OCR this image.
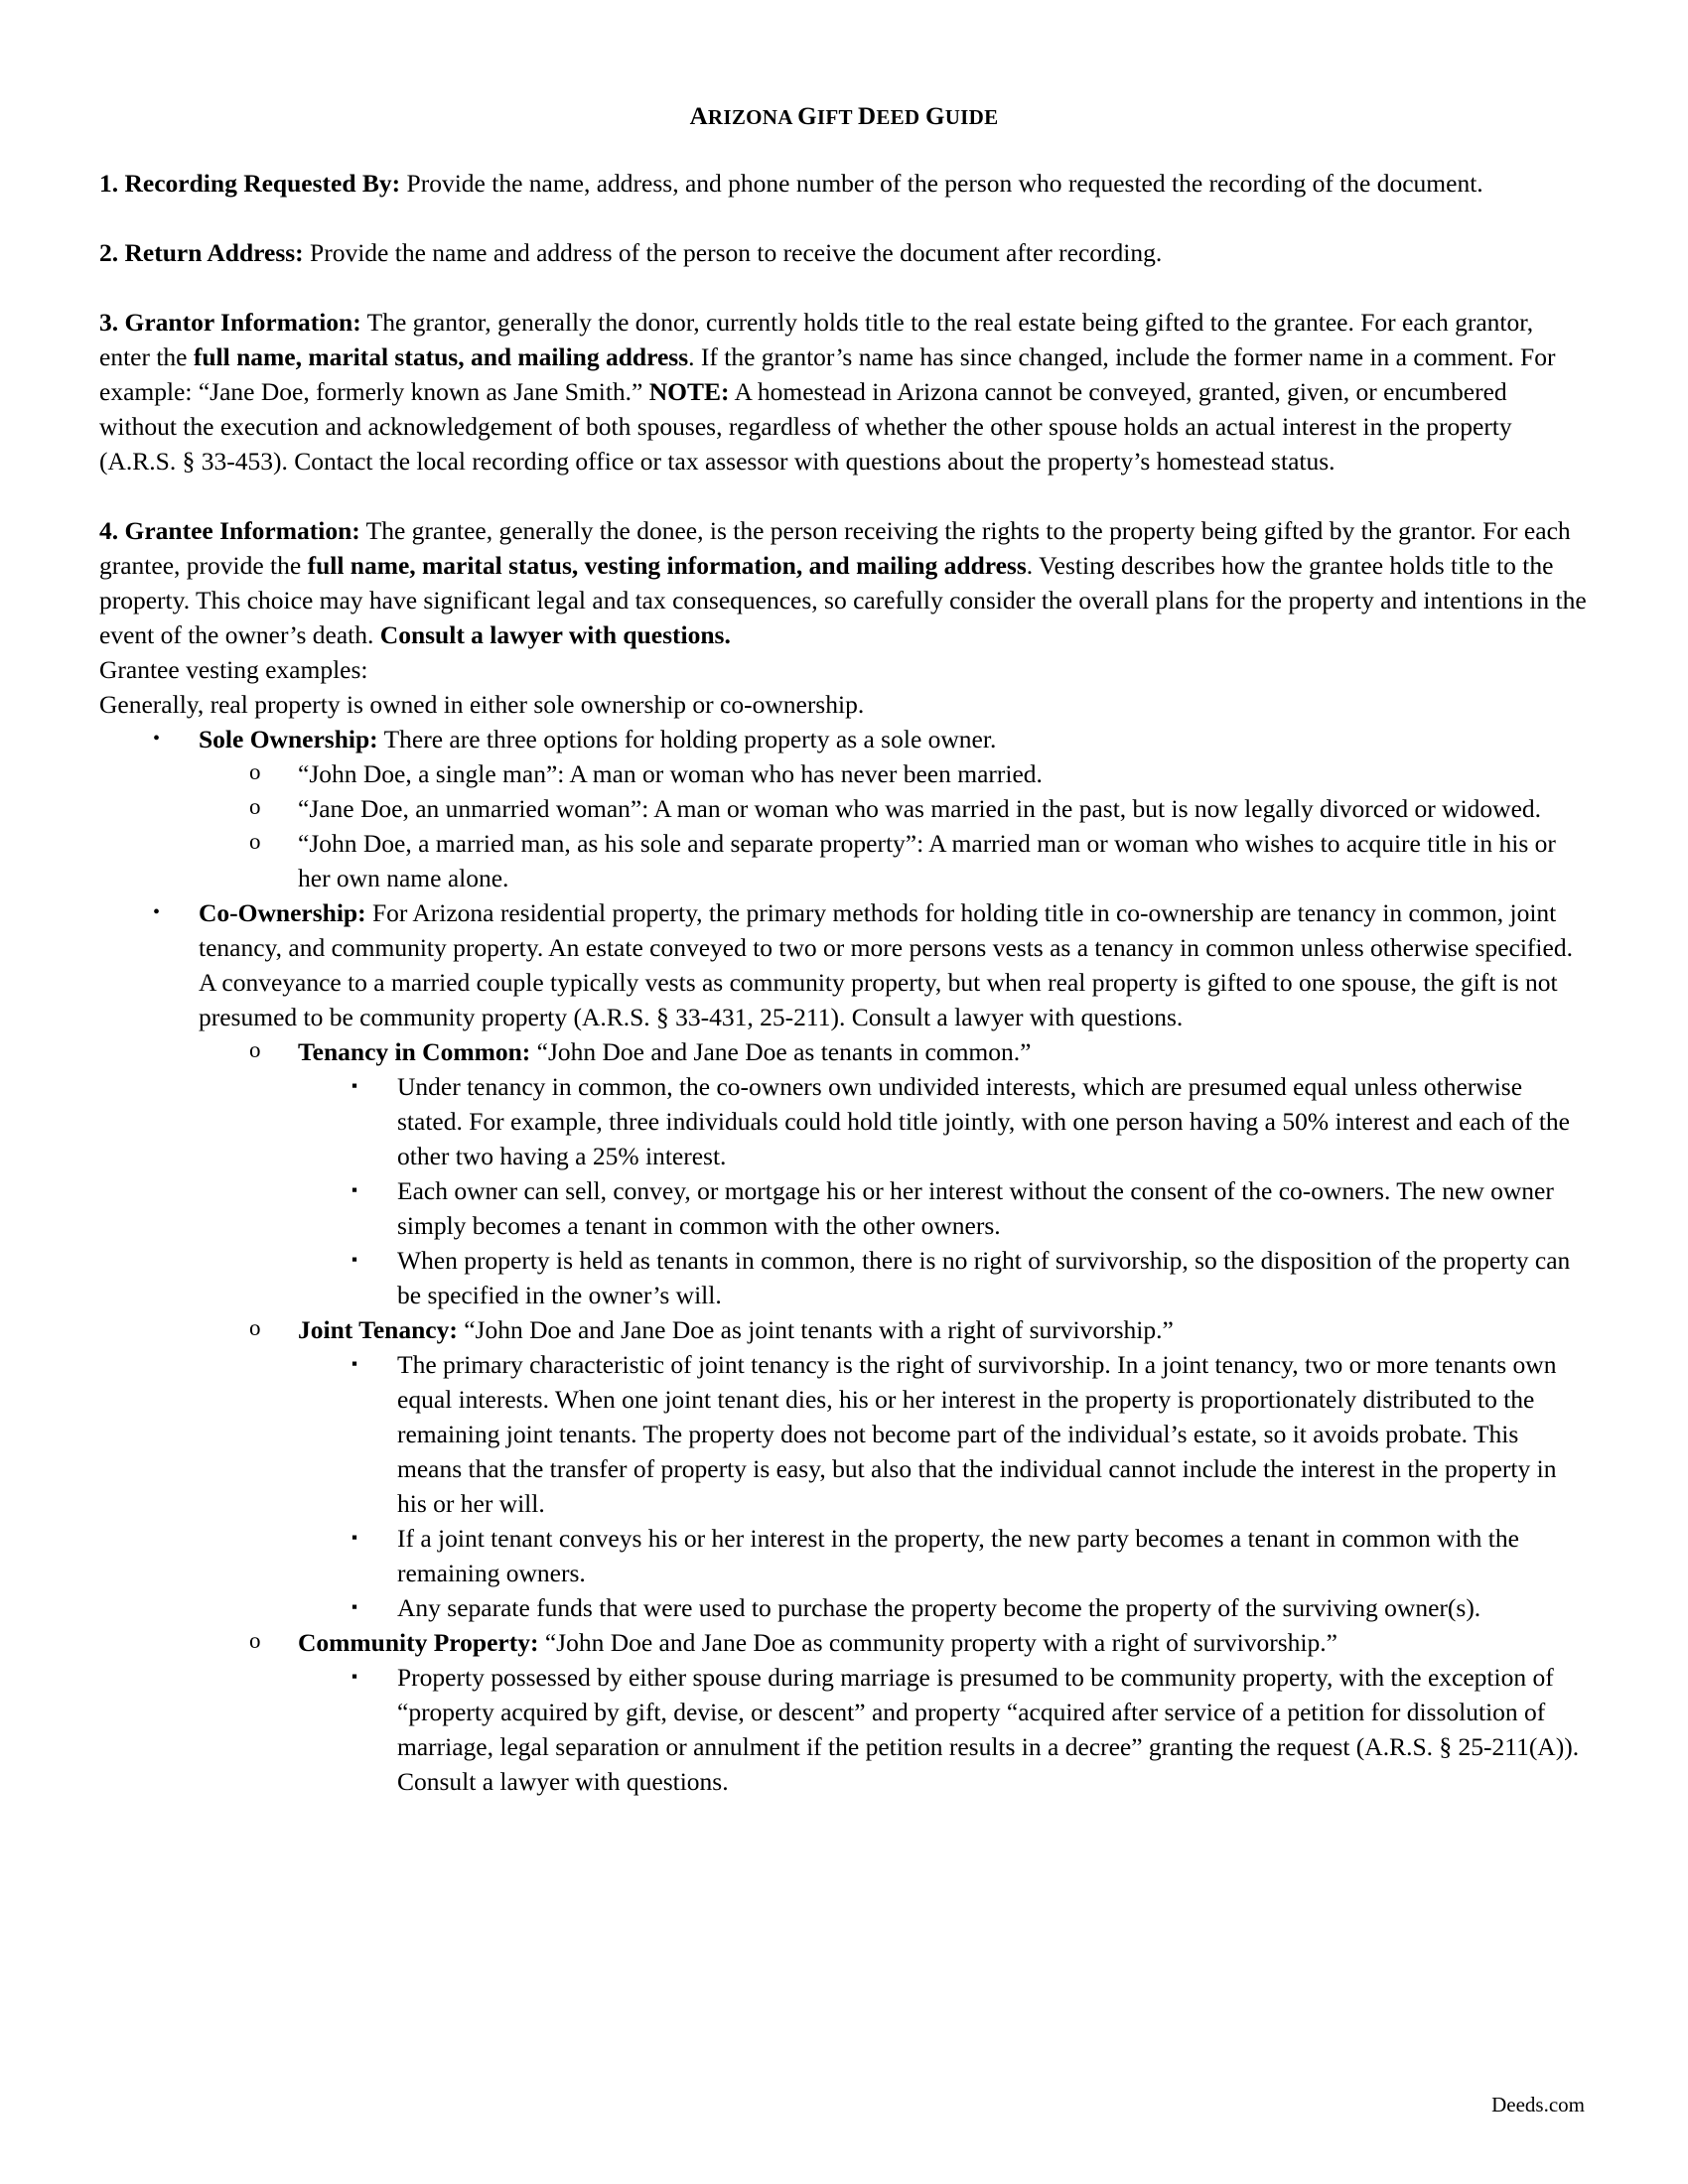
ARIZONA GIFT DEED GUIDE

1. Recording Requested By: Provide the name, address, and phone number of the person who requested the recording of the document.

2. Return Address: Provide the name and address of the person to receive the document after recording.

3. Grantor Information: The grantor, generally the donor, currently holds title to the real estate being gifted to the grantee. For each grantor, enter the full name, marital status, and mailing address. If the grantor’s name has since changed, include the former name in a comment. For example: “Jane Doe, formerly known as Jane Smith.” NOTE: A homestead in Arizona cannot be conveyed, granted, given, or encumbered without the execution and acknowledgement of both spouses, regardless of whether the other spouse holds an actual interest in the property (A.R.S. § 33-453). Contact the local recording office or tax assessor with questions about the property’s homestead status.

4. Grantee Information: The grantee, generally the donee, is the person receiving the rights to the property being gifted by the grantor. For each grantee, provide the full name, marital status, vesting information, and mailing address. Vesting describes how the grantee holds title to the property. This choice may have significant legal and tax consequences, so carefully consider the overall plans for the property and intentions in the event of the owner’s death. Consult a lawyer with questions.

Grantee vesting examples:

Generally, real property is owned in either sole ownership or co-ownership.

• Sole Ownership: There are three options for holding property as a sole owner.
o “John Doe, a single man”: A man or woman who has never been married.
o “Jane Doe, an unmarried woman”: A man or woman who was married in the past, but is now legally divorced or widowed.
o “John Doe, a married man, as his sole and separate property”: A married man or woman who wishes to acquire title in his or her own name alone.
• Co-Ownership: For Arizona residential property, the primary methods for holding title in co-ownership are tenancy in common, joint tenancy, and community property. An estate conveyed to two or more persons vests as a tenancy in common unless otherwise specified. A conveyance to a married couple typically vests as community property, but when real property is gifted to one spouse, the gift is not presumed to be community property (A.R.S. § 33-431, 25-211). Consult a lawyer with questions.
o Tenancy in Common: “John Doe and Jane Doe as tenants in common.”
▪ Under tenancy in common, the co-owners own undivided interests, which are presumed equal unless otherwise stated. For example, three individuals could hold title jointly, with one person having a 50% interest and each of the other two having a 25% interest.
▪ Each owner can sell, convey, or mortgage his or her interest without the consent of the co-owners. The new owner simply becomes a tenant in common with the other owners.
▪ When property is held as tenants in common, there is no right of survivorship, so the disposition of the property can be specified in the owner’s will.
o Joint Tenancy: “John Doe and Jane Doe as joint tenants with a right of survivorship.”
▪ The primary characteristic of joint tenancy is the right of survivorship. In a joint tenancy, two or more tenants own equal interests. When one joint tenant dies, his or her interest in the property is proportionately distributed to the remaining joint tenants. The property does not become part of the individual’s estate, so it avoids probate. This means that the transfer of property is easy, but also that the individual cannot include the interest in the property in his or her will.
▪ If a joint tenant conveys his or her interest in the property, the new party becomes a tenant in common with the remaining owners.
▪ Any separate funds that were used to purchase the property become the property of the surviving owner(s).
o Community Property: “John Doe and Jane Doe as community property with a right of survivorship.”
▪ Property possessed by either spouse during marriage is presumed to be community property, with the exception of “property acquired by gift, devise, or descent” and property “acquired after service of a petition for dissolution of marriage, legal separation or annulment if the petition results in a decree” granting the request (A.R.S. § 25-211(A)). Consult a lawyer with questions.
Deeds.com
